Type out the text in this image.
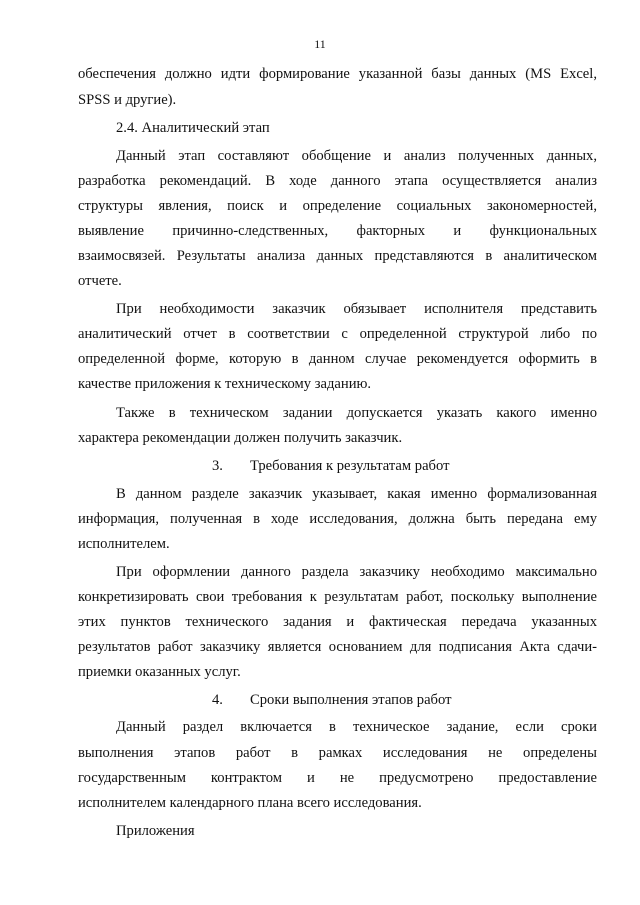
11
обеспечения должно идти формирование указанной базы данных (MS Excel,
SPSS и другие).
2.4. Аналитический этап
Данный этап составляют обобщение и анализ полученных данных,
разработка рекомендаций. В ходе данного этапа осуществляется анализ
структуры явления, поиск и определение социальных закономерностей,
выявление причинно-следственных, факторных и функциональных
взаимосвязей. Результаты анализа данных представляются в аналитическом
отчете.
При необходимости заказчик обязывает исполнителя представить
аналитический отчет в соответствии с определенной структурой либо по
определенной форме, которую в данном случае рекомендуется оформить в
качестве приложения к техническому заданию.
Также в техническом задании допускается указать какого именно
характера рекомендации должен получить заказчик.
3. Требования к результатам работ
В данном разделе заказчик указывает, какая именно формализованная
информация, полученная в ходе исследования, должна быть передана ему
исполнителем.
При оформлении данного раздела заказчику необходимо максимально
конкретизировать свои требования к результатам работ, поскольку выполнение
этих пунктов технического задания и фактическая передача указанных
результатов работ заказчику является основанием для подписания Акта сдачи-
приемки оказанных услуг.
4. Сроки выполнения этапов работ
Данный раздел включается в техническое задание, если сроки
выполнения этапов работ в рамках исследования не определены
государственным контрактом и не предусмотрено предоставление
исполнителем календарного плана всего исследования.
Приложения
